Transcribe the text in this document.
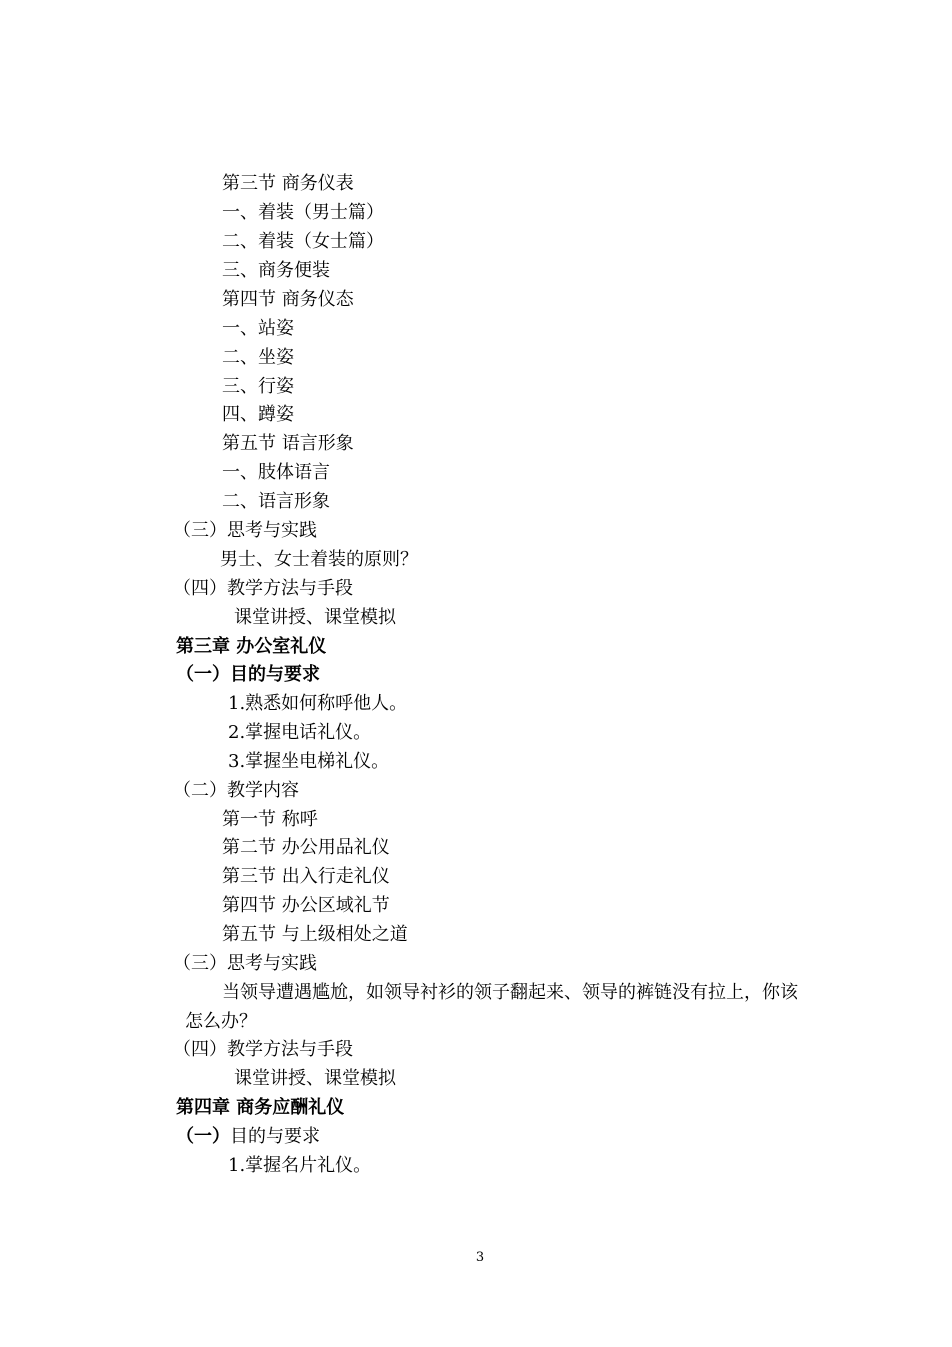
第三节 商务仪表
一、着装（男士篇）
二、着装（女士篇）
三、商务便装
第四节 商务仪态
一、站姿
二、坐姿
三、行姿
四、蹲姿
第五节 语言形象
一、肢体语言
二、语言形象
（三）思考与实践
男士、女士着装的原则？
（四）教学方法与手段
课堂讲授、课堂模拟
第三章 办公室礼仪
（一）目的与要求
1.熟悉如何称呼他人。
2.掌握电话礼仪。
3.掌握坐电梯礼仪。
（二）教学内容
第一节 称呼
第二节 办公用品礼仪
第三节 出入行走礼仪
第四节 办公区域礼节
第五节 与上级相处之道
（三）思考与实践
当领导遭遇尴尬，如领导衬衫的领子翻起来、领导的裤链没有拉上，你该
怎么办？
（四）教学方法与手段
课堂讲授、课堂模拟
第四章 商务应酬礼仪
（一）目的与要求
1.掌握名片礼仪。
3
